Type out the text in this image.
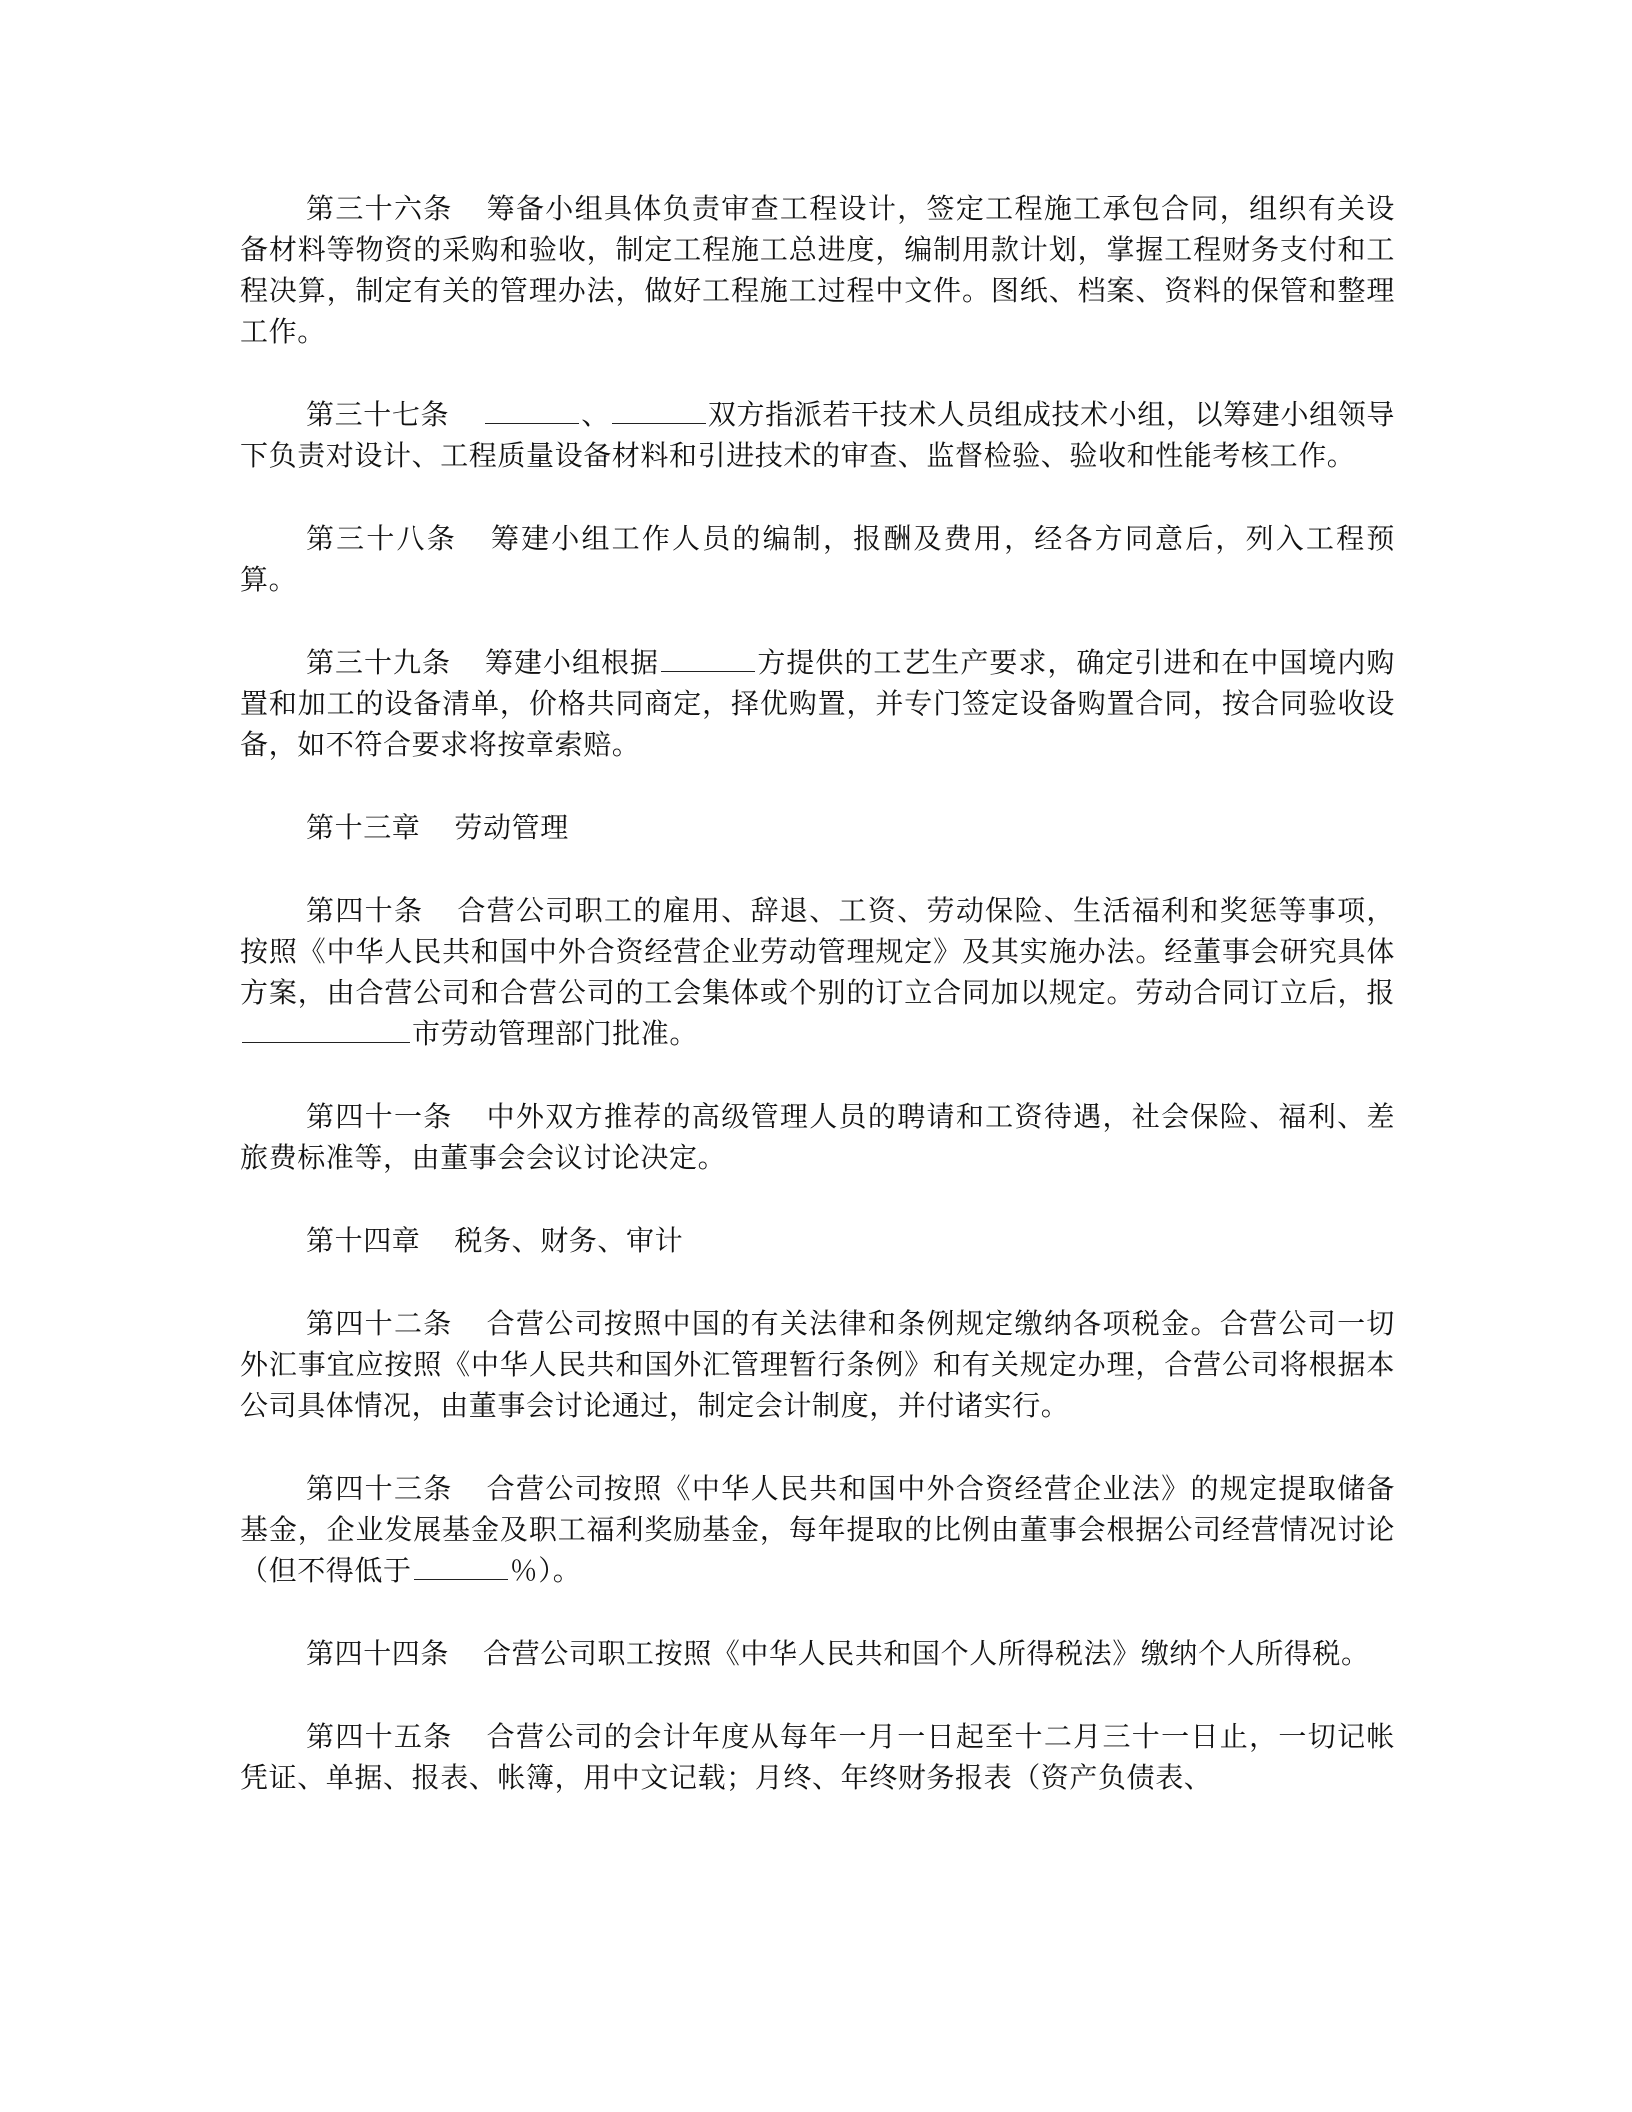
第三十六条 筹备小组具体负责审查工程设计，签定工程施工承包合同，组织有关设备材料等物资的采购和验收，制定工程施工总进度，编制用款计划，掌握工程财务支付和工程决算，制定有关的管理办法，做好工程施工过程中文件。图纸、档案、资料的保管和整理工作。

第三十七条	、	双方指派若干技术人员组成技术小组，以筹建小组领导下负责对设计、工程质量设备材料和引进技术的审查、监督检验、验收和性能考核工作。

第三十八条 筹建小组工作人员的编制，报酬及费用，经各方同意后，列入工程预算。

第三十九条 筹建小组根据	方提供的工艺生产要求，确定引进和在中国境内购置和加工的设备清单，价格共同商定，择优购置，并专门签定设备购置合同，按合同验收设备，如不符合要求将按章索赔。

第十三章 劳动管理

第四十条 合营公司职工的雇用、辞退、工资、劳动保险、生活福利和奖惩等事项，按照《中华人民共和国中外合资经营企业劳动管理规定》及其实施办法。经董事会研究具体方案，由合营公司和合营公司的工会集体或个别的订立合同加以规定。劳动合同订立后，报市劳动管理部门批准。

第四十一条 中外双方推荐的高级管理人员的聘请和工资待遇，社会保险、福利、差旅费标准等，由董事会会议讨论决定。

第十四章 税务、财务、审计

第四十二条 合营公司按照中国的有关法律和条例规定缴纳各项税金。合营公司一切外汇事宜应按照《中华人民共和国外汇管理暂行条例》和有关规定办理，合营公司将根据本公司具体情况，由董事会讨论通过，制定会计制度，并付诸实行。

第四十三条 合营公司按照《中华人民共和国中外合资经营企业法》的规定提取储备基金，企业发展基金及职工福利奖励基金，每年提取的比例由董事会根据公司经营情况讨论（但不得低于	％）。

第四十四条 合营公司职工按照《中华人民共和国个人所得税法》缴纳个人所得税。

第四十五条 合营公司的会计年度从每年一月一日起至十二月三十一日止，一切记帐凭证、单据、报表、帐簿，用中文记载；月终、年终财务报表（资产负债表、
